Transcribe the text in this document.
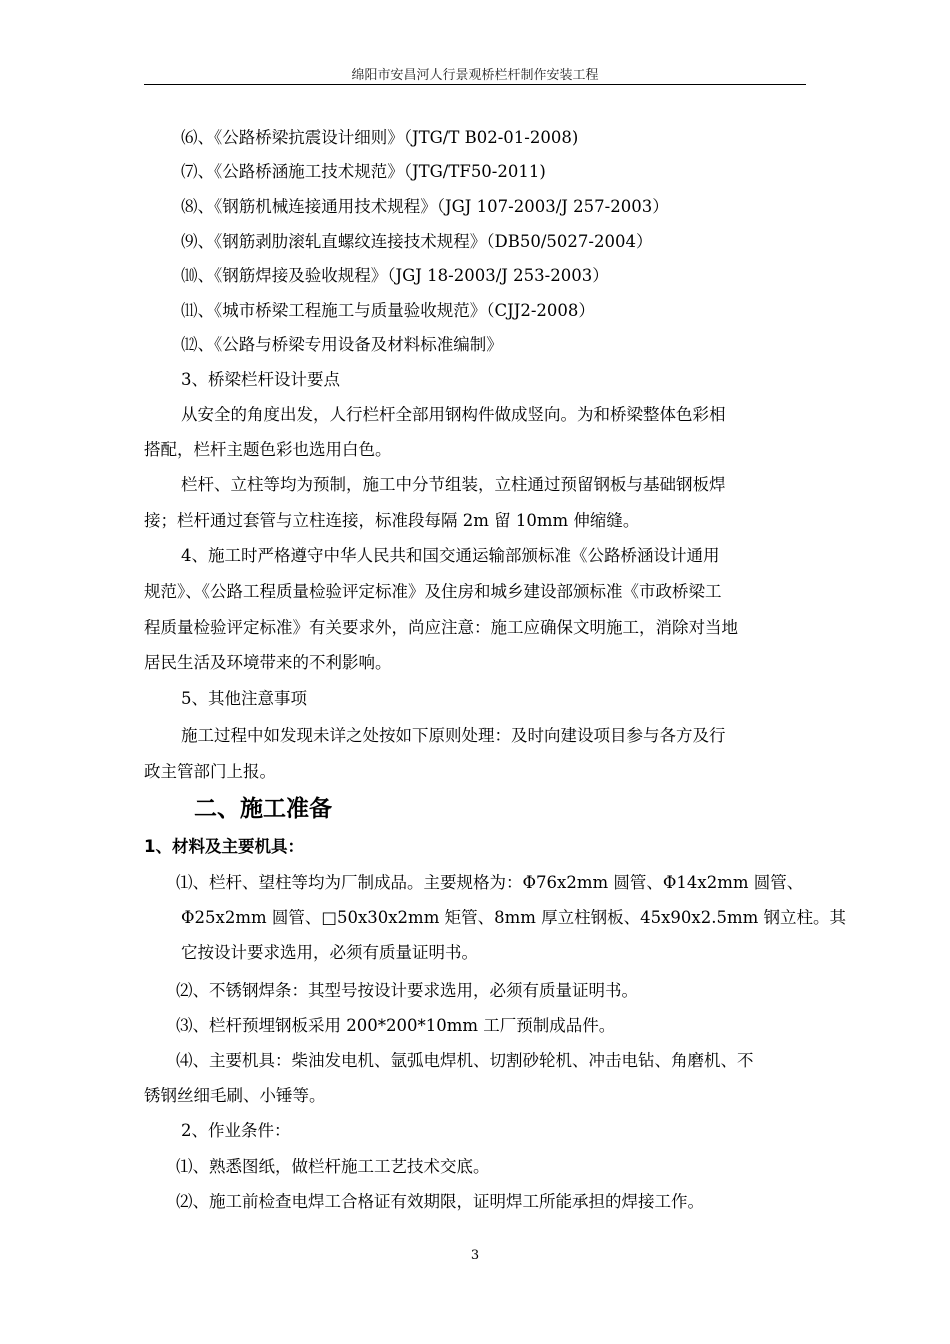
绵阳市安昌河人行景观桥栏杆制作安装工程
⑹、《公路桥梁抗震设计细则》（JTG/T B02-01-2008)
⑺、《公路桥涵施工技术规范》（JTG/TF50-2011)
⑻、《钢筋机械连接通用技术规程》（JGJ 107-2003/J 257-2003）
⑼、《钢筋剥肋滚轧直螺纹连接技术规程》（DB50/5027-2004）
⑽、《钢筋焊接及验收规程》（JGJ 18-2003/J 253-2003）
⑾、《城市桥梁工程施工与质量验收规范》（CJJ2-2008）
⑿、《公路与桥梁专用设备及材料标准编制》
3、桥梁栏杆设计要点
从安全的角度出发，人行栏杆全部用钢构件做成竖向。为和桥梁整体色彩相
搭配，栏杆主题色彩也选用白色。
栏杆、立柱等均为预制，施工中分节组装，立柱通过预留钢板与基础钢板焊
接；栏杆通过套管与立柱连接，标准段每隔 2m 留 10mm 伸缩缝。
4、施工时严格遵守中华人民共和国交通运输部颁标准《公路桥涵设计通用
规范》、《公路工程质量检验评定标准》及住房和城乡建设部颁标准《市政桥梁工
程质量检验评定标准》有关要求外，尚应注意：施工应确保文明施工，消除对当地
居民生活及环境带来的不利影响。
5、其他注意事项
施工过程中如发现未详之处按如下原则处理：及时向建设项目参与各方及行
政主管部门上报。
二、施工准备
1、材料及主要机具：
⑴、栏杆、望柱等均为厂制成品。主要规格为：Φ76x2mm 圆管、Φ14x2mm 圆管、
Φ25x2mm 圆管、□50x30x2mm 矩管、8mm 厚立柱钢板、45x90x2.5mm 钢立柱。其
它按设计要求选用，必须有质量证明书。
⑵、不锈钢焊条：其型号按设计要求选用，必须有质量证明书。
⑶、栏杆预埋钢板采用 200*200*10mm 工厂预制成品件。
⑷、主要机具：柴油发电机、氩弧电焊机、切割砂轮机、冲击电钻、角磨机、不
锈钢丝细毛刷、小锤等。
2、作业条件：
⑴、熟悉图纸，做栏杆施工工艺技术交底。
⑵、施工前检查电焊工合格证有效期限，证明焊工所能承担的焊接工作。
3
